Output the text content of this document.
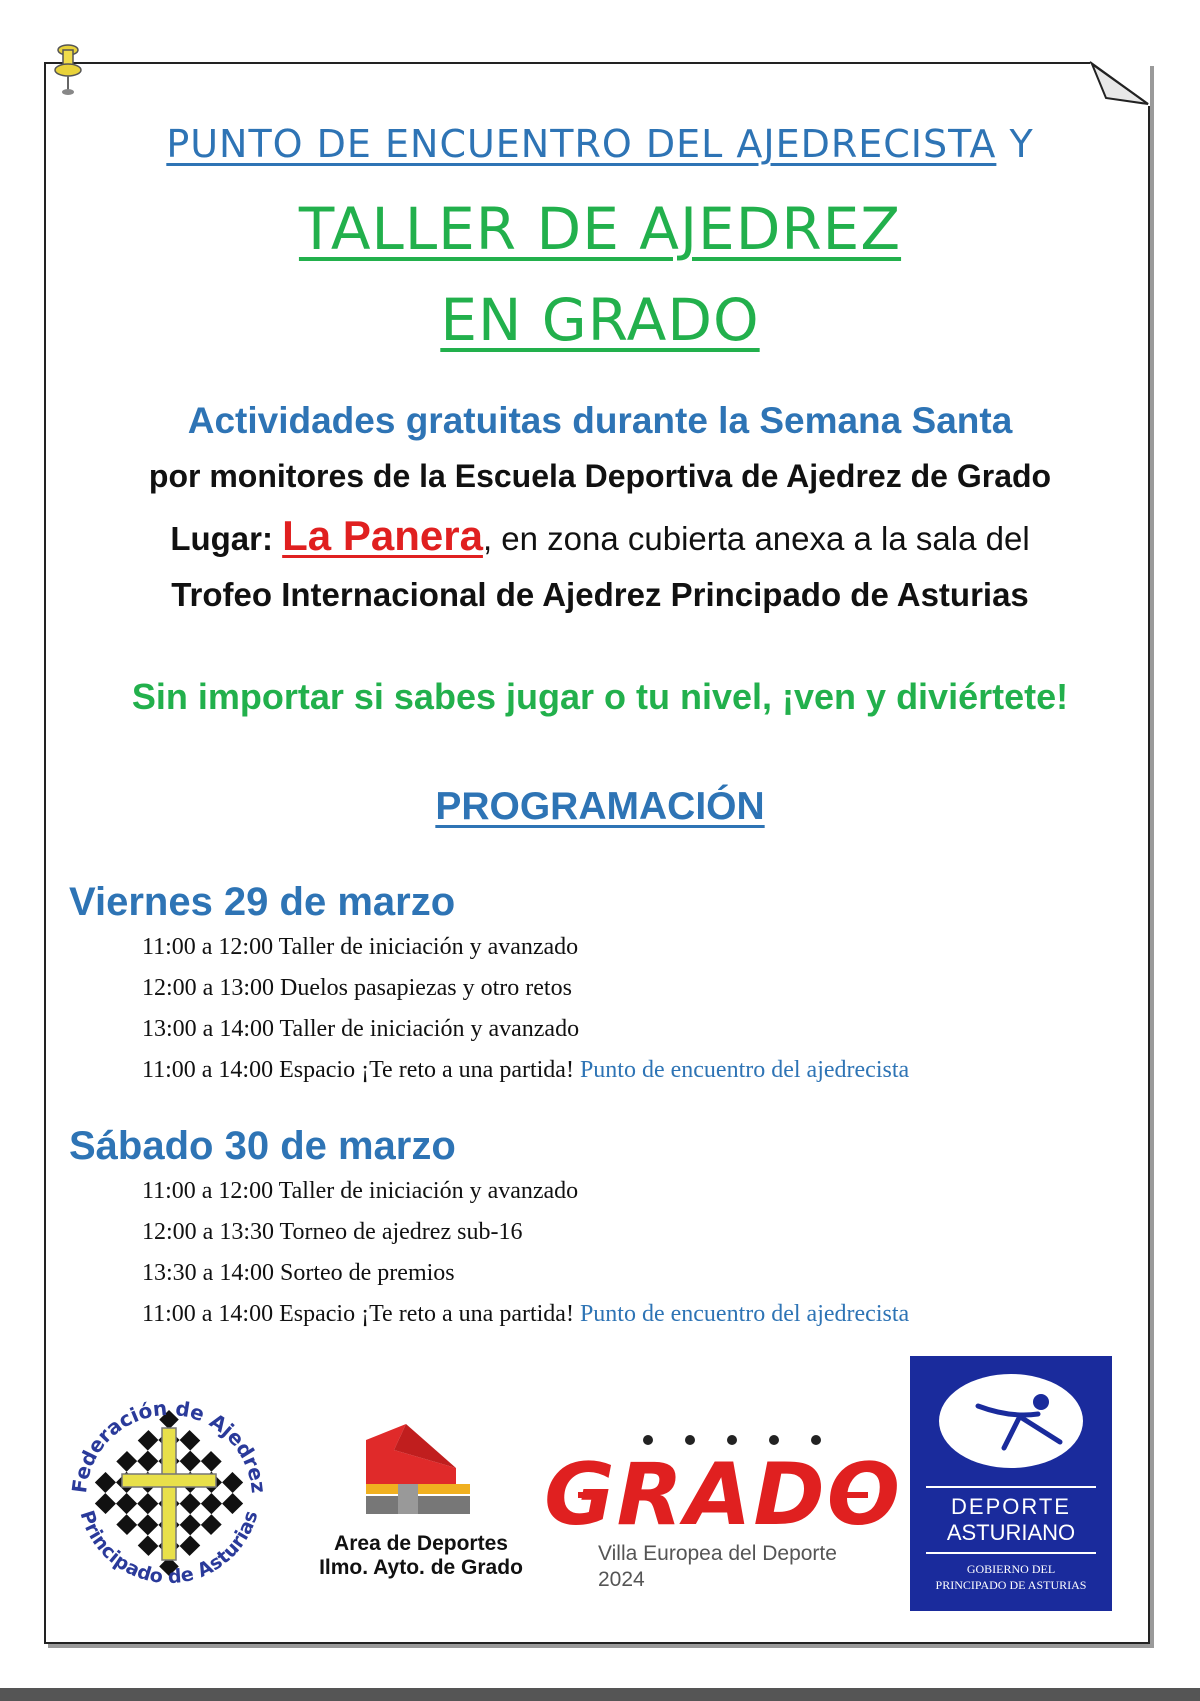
PUNTO DE ENCUENTRO DEL AJEDRECISTA Y
TALLER DE AJEDREZ
EN GRADO
Actividades gratuitas durante la Semana Santa
por monitores de la Escuela Deportiva de Ajedrez de Grado
Lugar: La Panera, en zona cubierta anexa a la sala del
Trofeo Internacional de Ajedrez Principado de Asturias
Sin importar si sabes jugar o tu nivel, ¡ven y diviértete!
PROGRAMACIÓN
Viernes 29 de marzo
11:00 a 12:00 Taller de iniciación y avanzado
12:00 a 13:00 Duelos pasapiezas y otro retos
13:00 a 14:00 Taller de iniciación y avanzado
11:00 a 14:00 Espacio ¡Te reto a una partida! Punto de encuentro del ajedrecista
Sábado 30 de marzo
11:00 a 12:00 Taller de iniciación y avanzado
12:00 a 13:30 Torneo de ajedrez sub-16
13:30 a 14:00 Sorteo de premios
11:00 a 14:00 Espacio ¡Te reto a una partida! Punto de encuentro del ajedrecista
Federación de Ajedrez
Principado de Asturias
Area de Deportes
Ilmo. Ayto. de Grado
GRADO
Villa Europea del Deporte
2024
DEPORTE
ASTURIANO
GOBIERNO DEL
PRINCIPADO DE ASTURIAS
